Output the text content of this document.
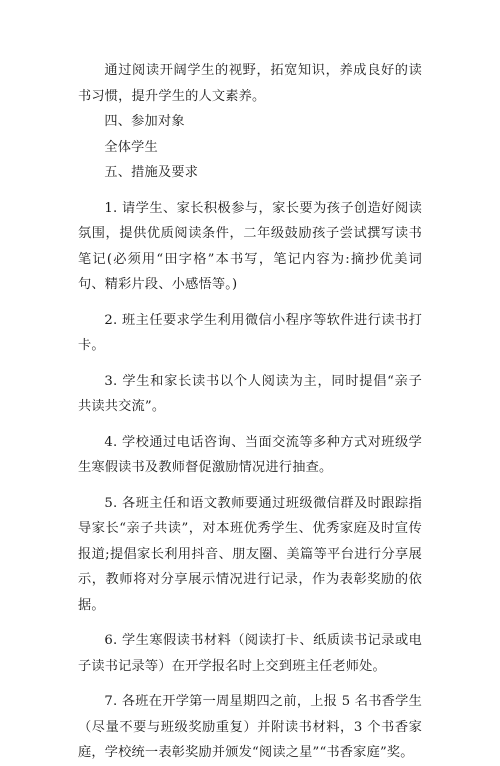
通过阅读开阔学生的视野，拓宽知识，养成良好的读书习惯，提升学生的人文素养。

四、参加对象

全体学生

五、措施及要求

1. 请学生、家长积极参与，家长要为孩子创造好阅读氛围，提供优质阅读条件，二年级鼓励孩子尝试撰写读书笔记(必须用“田字格”本书写，笔记内容为:摘抄优美词句、精彩片段、小感悟等。)

2. 班主任要求学生利用微信小程序等软件进行读书打卡。

3. 学生和家长读书以个人阅读为主，同时提倡“亲子共读共交流”。

4. 学校通过电话咨询、当面交流等多种方式对班级学生寒假读书及教师督促激励情况进行抽查。

5. 各班主任和语文教师要通过班级微信群及时跟踪指导家长“亲子共读”，对本班优秀学生、优秀家庭及时宣传报道;提倡家长利用抖音、朋友圈、美篇等平台进行分享展示，教师将对分享展示情况进行记录，作为表彰奖励的依据。

6. 学生寒假读书材料（阅读打卡、纸质读书记录或电子读书记录等）在开学报名时上交到班主任老师处。

7. 各班在开学第一周星期四之前，上报 5 名书香学生（尽量不要与班级奖励重复）并附读书材料，3 个书香家庭，学校统一表彰奖励并颁发“阅读之星”“书香家庭”奖。
